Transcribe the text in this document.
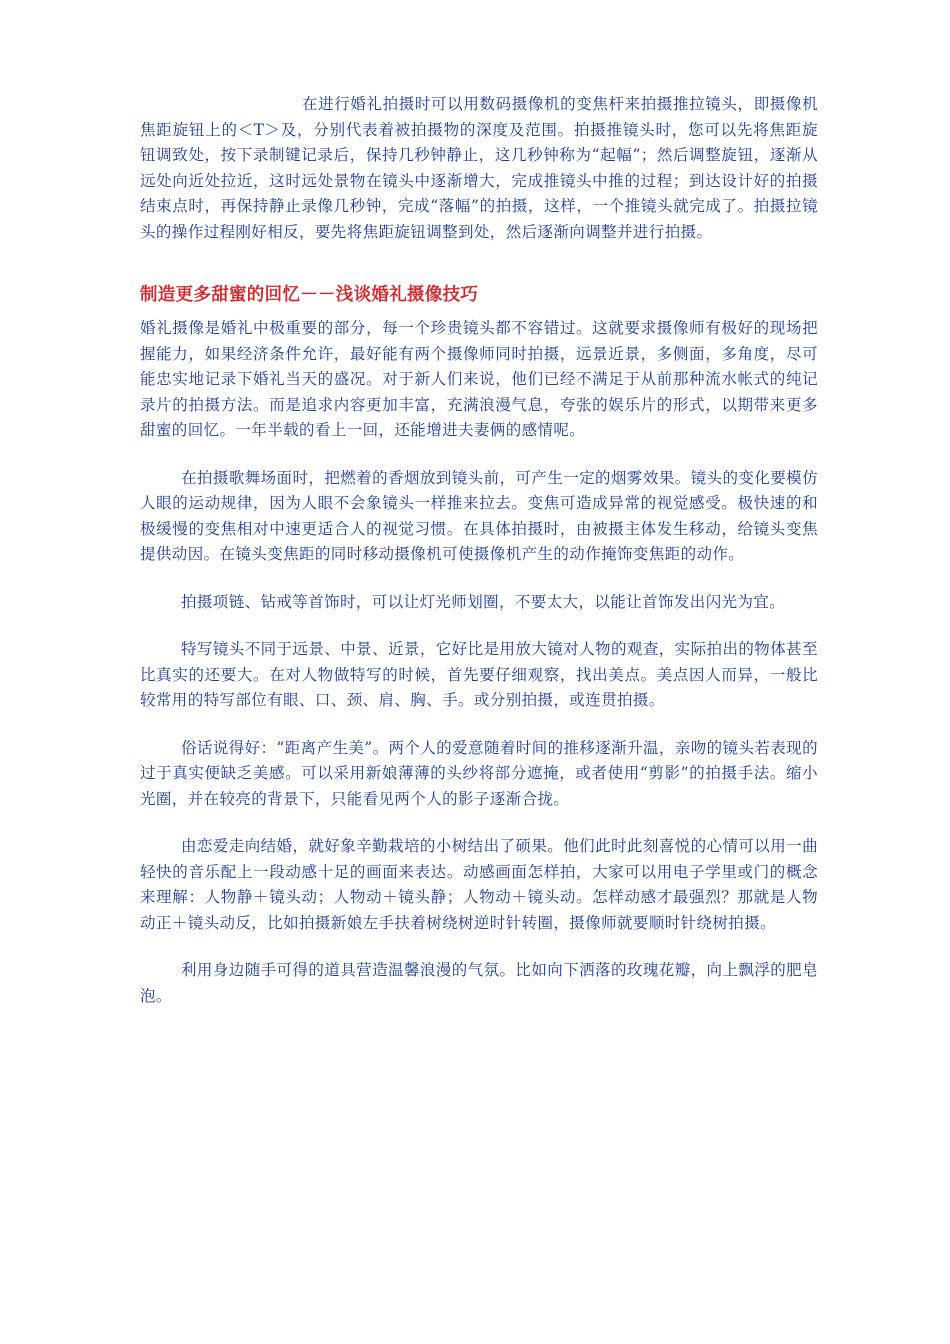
在进行婚礼拍摄时可以用数码摄像机的变焦杆来拍摄推拉镜头，即摄像机焦距旋钮上的＜T＞及，分别代表着被拍摄物的深度及范围。拍摄推镜头时，您可以先将焦距旋钮调致处，按下录制键记录后，保持几秒钟静止，这几秒钟称为“起幅”；然后调整旋钮，逐渐从远处向近处拉近，这时远处景物在镜头中逐渐增大，完成推镜头中推的过程；到达设计好的拍摄结束点时，再保持静止录像几秒钟，完成“落幅”的拍摄，这样，一个推镜头就完成了。拍摄拉镜头的操作过程刚好相反，要先将焦距旋钮调整到处，然后逐渐向调整并进行拍摄。

制造更多甜蜜的回忆－－浅谈婚礼摄像技巧

婚礼摄像是婚礼中极重要的部分，每一个珍贵镜头都不容错过。这就要求摄像师有极好的现场把握能力，如果经济条件允许，最好能有两个摄像师同时拍摄，远景近景，多侧面，多角度，尽可能忠实地记录下婚礼当天的盛况。对于新人们来说，他们已经不满足于从前那种流水帐式的纯记录片的拍摄方法。而是追求内容更加丰富，充满浪漫气息，夸张的娱乐片的形式，以期带来更多甜蜜的回忆。一年半载的看上一回，还能增进夫妻俩的感情呢。

在拍摄歌舞场面时，把燃着的香烟放到镜头前，可产生一定的烟雾效果。镜头的变化要模仿人眼的运动规律，因为人眼不会象镜头一样推来拉去。变焦可造成异常的视觉感受。极快速的和极缓慢的变焦相对中速更适合人的视觉习惯。在具体拍摄时，由被摄主体发生移动，给镜头变焦提供动因。在镜头变焦距的同时移动摄像机可使摄像机产生的动作掩饰变焦距的动作。

拍摄项链、钻戒等首饰时，可以让灯光师划圈，不要太大，以能让首饰发出闪光为宜。

特写镜头不同于远景、中景、近景，它好比是用放大镜对人物的观查，实际拍出的物体甚至比真实的还要大。在对人物做特写的时候，首先要仔细观察，找出美点。美点因人而异，一般比较常用的特写部位有眼、口、颈、肩、胸、手。或分别拍摄，或连贯拍摄。

俗话说得好：“距离产生美”。两个人的爱意随着时间的推移逐渐升温，亲吻的镜头若表现的过于真实便缺乏美感。可以采用新娘薄薄的头纱将部分遮掩，或者使用“剪影”的拍摄手法。缩小光圈，并在较亮的背景下，只能看见两个人的影子逐渐合拢。

由恋爱走向结婚，就好象辛勤栽培的小树结出了硕果。他们此时此刻喜悦的心情可以用一曲轻快的音乐配上一段动感十足的画面来表达。动感画面怎样拍，大家可以用电子学里或门的概念来理解：人物静＋镜头动；人物动＋镜头静；人物动＋镜头动。怎样动感才最强烈？那就是人物动正＋镜头动反，比如拍摄新娘左手扶着树绕树逆时针转圈，摄像师就要顺时针绕树拍摄。

利用身边随手可得的道具营造温馨浪漫的气氛。比如向下洒落的玫瑰花瓣，向上飘浮的肥皂泡。
